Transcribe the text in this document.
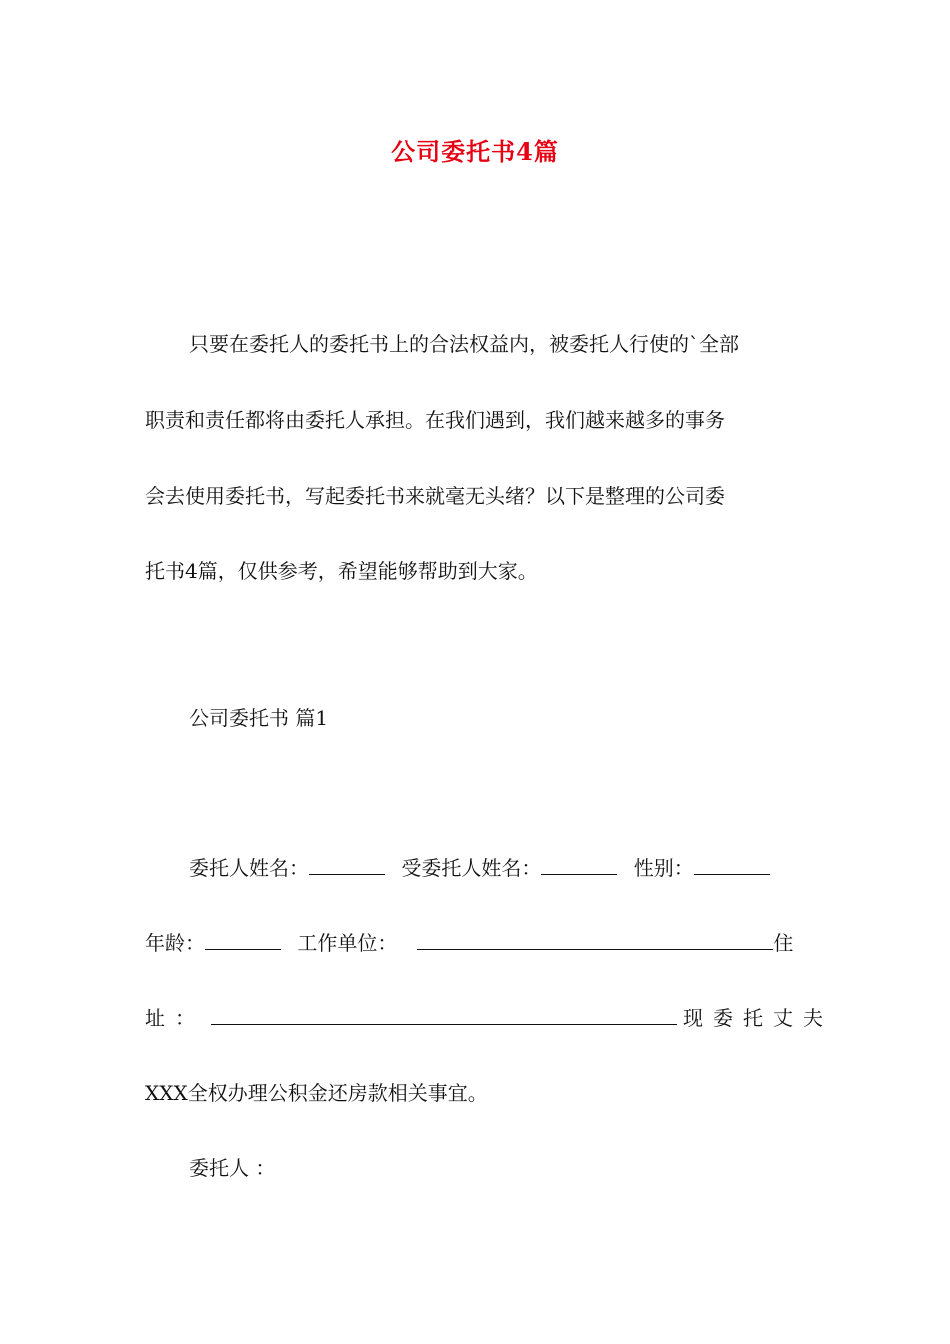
公司委托书4篇
只要在委托人的委托书上的合法权益内，被委托人行使的`全部
职责和责任都将由委托人承担。在我们遇到，我们越来越多的事务
会去使用委托书，写起委托书来就毫无头绪？以下是整理的公司委
托书4篇，仅供参考，希望能够帮助到大家。
公司委托书 篇1
委托人姓名：	受委托人姓名：	性别：
年龄：	工作单位：	住
址：	现委托丈夫
XXX全权办理公积金还房款相关事宜。
委托人 ：
